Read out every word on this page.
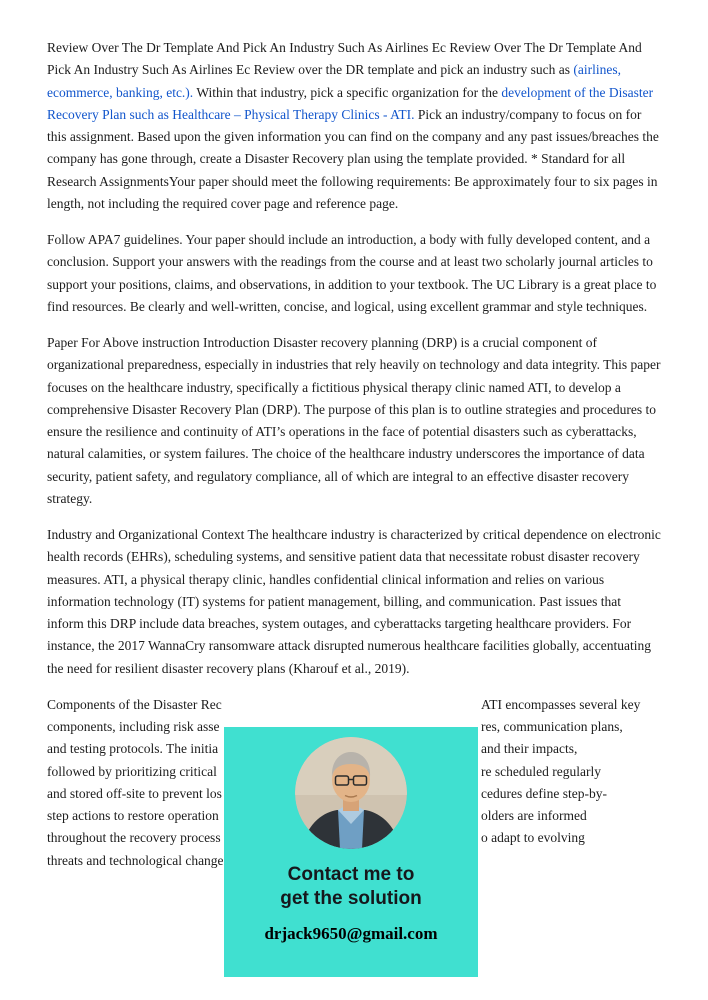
Review Over The Dr Template And Pick An Industry Such As Airlines Ec Review Over The Dr Template And Pick An Industry Such As Airlines Ec Review over the DR template and pick an industry such as (airlines, ecommerce, banking, etc.). Within that industry, pick a specific organization for the development of the Disaster Recovery Plan such as Healthcare – Physical Therapy Clinics - ATI. Pick an industry/company to focus on for this assignment. Based upon the given information you can find on the company and any past issues/breaches the company has gone through, create a Disaster Recovery plan using the template provided. * Standard for all Research AssignmentsYour paper should meet the following requirements: Be approximately four to six pages in length, not including the required cover page and reference page.

Follow APA7 guidelines. Your paper should include an introduction, a body with fully developed content, and a conclusion. Support your answers with the readings from the course and at least two scholarly journal articles to support your positions, claims, and observations, in addition to your textbook. The UC Library is a great place to find resources. Be clearly and well-written, concise, and logical, using excellent grammar and style techniques.

Paper For Above instruction Introduction Disaster recovery planning (DRP) is a crucial component of organizational preparedness, especially in industries that rely heavily on technology and data integrity. This paper focuses on the healthcare industry, specifically a fictitious physical therapy clinic named ATI, to develop a comprehensive Disaster Recovery Plan (DRP). The purpose of this plan is to outline strategies and procedures to ensure the resilience and continuity of ATI’s operations in the face of potential disasters such as cyberattacks, natural calamities, or system failures. The choice of the healthcare industry underscores the importance of data security, patient safety, and regulatory compliance, all of which are integral to an effective disaster recovery strategy.

Industry and Organizational Context The healthcare industry is characterized by critical dependence on electronic health records (EHRs), scheduling systems, and sensitive patient data that necessitate robust disaster recovery measures. ATI, a physical therapy clinic, handles confidential clinical information and relies on various information technology (IT) systems for patient management, billing, and communication. Past issues that inform this DRP include data breaches, system outages, and cyberattacks targeting healthcare providers. For instance, the 2017 WannaCry ransomware attack disrupted numerous healthcare facilities globally, accentuating the need for resilient disaster recovery plans (Kharouf et al., 2019).

Components of the Disaster Rec	ATI encompasses several key
components, including risk asse	res, communication plans,
and testing protocols. The initia	and their impacts,
followed by prioritizing critical	re scheduled regularly
and stored off-site to prevent los	cedures define step-by-
step actions to restore operation	olders are informed
throughout the recovery process	o adapt to evolving
threats and technological change
Contact me to
get the solution
drjack9650@gmail.com
